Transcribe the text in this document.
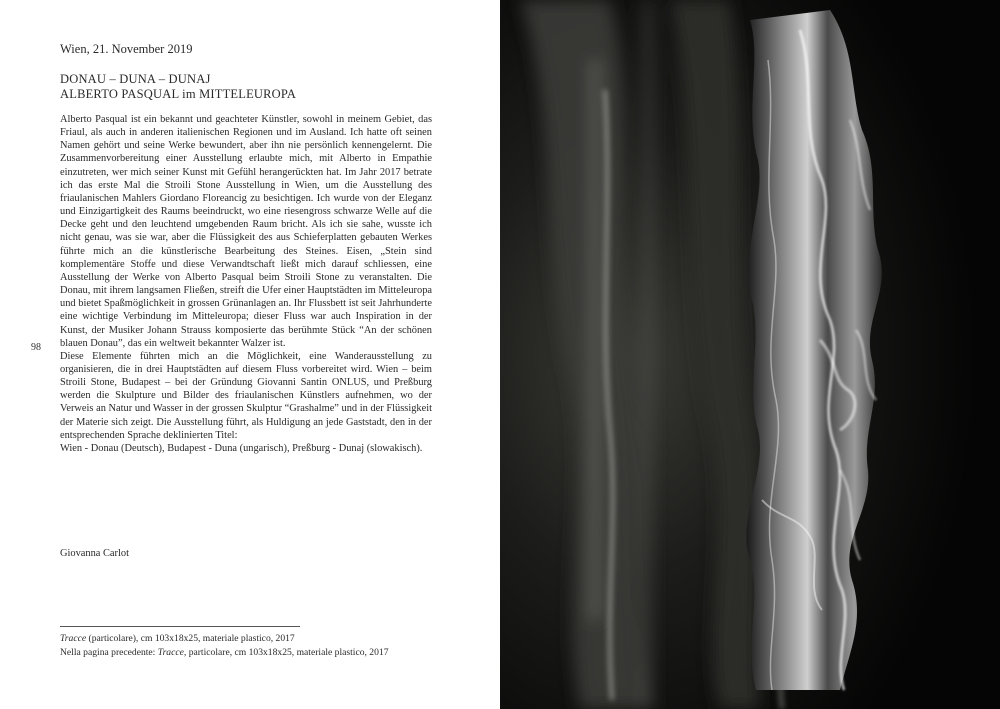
98

Wien, 21. November 2019

DONAU – DUNA – DUNAJ
ALBERTO PASQUAL im MITTELEUROPA

Alberto Pasqual ist ein bekannt und geachteter Künstler, sowohl in meinem Gebiet, das Friaul, als auch in anderen italienischen Regionen und im Ausland. Ich hatte oft seinen Namen gehört und seine Werke bewundert, aber ihn nie persönlich kennengelernt. Die Zusammenvorbereitung einer Ausstellung erlaubte mich, mit Alberto in Empathie einzutreten, wer mich seiner Kunst mit Gefühl herangerückten hat. Im Jahr 2017 betrate ich das erste Mal die Stroili Stone Ausstellung in Wien, um die Ausstellung des friaulanischen Mahlers Giordano Floreancig zu besichtigen. Ich wurde von der Eleganz und Einzigartigkeit des Raums beeindruckt, wo eine riesengross schwarze Welle auf die Decke geht und den leuchtend umgebenden Raum bricht. Als ich sie sahe, wusste ich nicht genau, was sie war, aber die Flüssigkeit des aus Schieferplatten gebauten Werkes führte mich an die künstlerische Bearbeitung des Steines. Eisen, „Stein sind komplementäre Stoffe und diese Verwandtschaft ließt mich darauf schliessen, eine Ausstellung der Werke von Alberto Pasqual beim Stroili Stone zu veranstalten. Die Donau, mit ihrem langsamen Fließen, streift die Ufer einer Hauptstädten im Mitteleuropa und bietet Spaßmöglichkeit in grossen Grünanlagen an. Ihr Flussbett ist seit Jahrhunderte eine wichtige Verbindung im Mitteleuropa; dieser Fluss war auch Inspiration in der Kunst, der Musiker Johann Strauss komposierte das berühmte Stück “An der schönen blauen Donau”, das ein weltweit bekannter Walzer ist.

Diese Elemente führten mich an die Möglichkeit, eine Wanderausstellung zu organisieren, die in drei Hauptstädten auf diesem Fluss vorbereitet wird. Wien – beim Stroili Stone, Budapest – bei der Gründung Giovanni Santin ONLUS, und Preßburg werden die Skulpture und Bilder des friaulanischen Künstlers aufnehmen, wo der Verweis an Natur und Wasser in der grossen Skulptur “Grashalme” und in der Flüssigkeit der Materie sich zeigt. Die Ausstellung führt, als Huldigung an jede Gaststadt, den in der entsprechenden Sprache deklinierten Titel:

Wien - Donau (Deutsch), Budapest - Duna (ungarisch), Preßburg - Dunaj (slowakisch).

Giovanna Carlot
Tracce (particolare), cm 103x18x25, materiale plastico, 2017
Nella pagina precedente: Tracce, particolare, cm 103x18x25, materiale plastico, 2017
